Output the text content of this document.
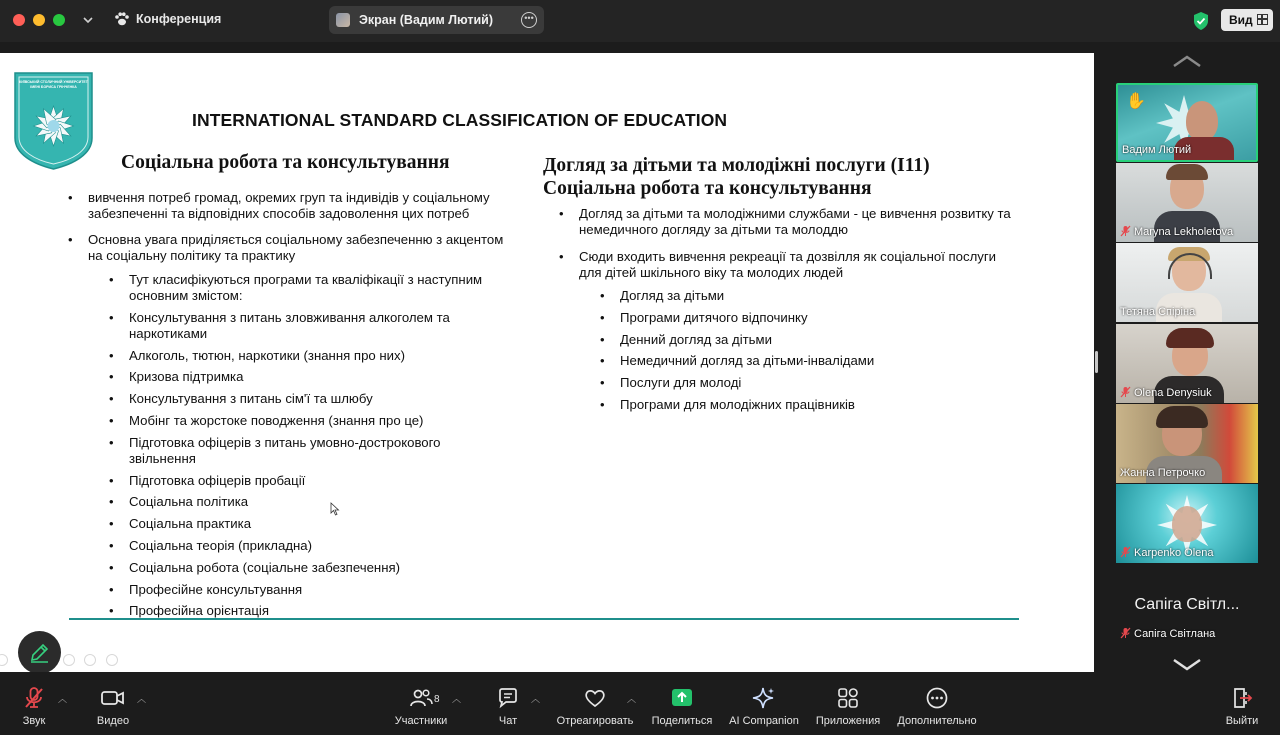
Конференция	Экран (Вадим Лютий)	•••	Вид
КИЇВСЬКИЙ СТОЛИЧНИЙ УНІВЕРСИТЕТ ІМЕНІ БОРИСА ГРІНЧЕНКА
INTERNATIONAL STANDARD CLASSIFICATION OF EDUCATION
Соціальна робота та консультування
• вивчення потреб громад, окремих груп та індивідів у соціальному забезпеченні та відповідних способів задоволення цих потреб
• Основна увага приділяється соціальному забезпеченню з акцентом на соціальну політику та практику
• Тут класифікуються програми та кваліфікації з наступним основним змістом:
• Консультування з питань зловживання алкоголем та наркотиками
• Алкоголь, тютюн, наркотики (знання про них)
• Кризова підтримка
• Консультування з питань сім'ї та шлюбу
• Мобінг та жорстоке поводження (знання про це)
• Підготовка офіцерів з питань умовно-дострокового звільнення
• Підготовка офіцерів пробації
• Соціальна політика
• Соціальна практика
• Соціальна теорія (прикладна)
• Соціальна робота (соціальне забезпечення)
• Професійне консультування
• Професійна орієнтація
Догляд за дітьми та молодіжні послуги (I11)
Соціальна робота та консультування
• Догляд за дітьми та молодіжними службами - це вивчення розвитку та немедичного догляду за дітьми та молоддю
• Сюди входить вивчення рекреації та дозвілля як соціальної послуги для дітей шкільного віку та молодих людей
• Догляд за дітьми
• Програми дитячого відпочинку
• Денний догляд за дітьми
• Немедичний догляд за дітьми-інвалідами
• Послуги для молоді
• Програми для молодіжних працівників
✋
Вадим Лютий
Maryna Lekholetova
Тетяна Спіріна
Olena Denysiuk
Жанна Петрочко
Karpenko Olena
Сапіга Світл...
Сапіга Світлана
Звук
︿
Видео
︿
Участники
8 ︿
Чат
︿
Отреагировать
︿
Поделиться AI Companion Приложения	Дополнительно	Выйти
